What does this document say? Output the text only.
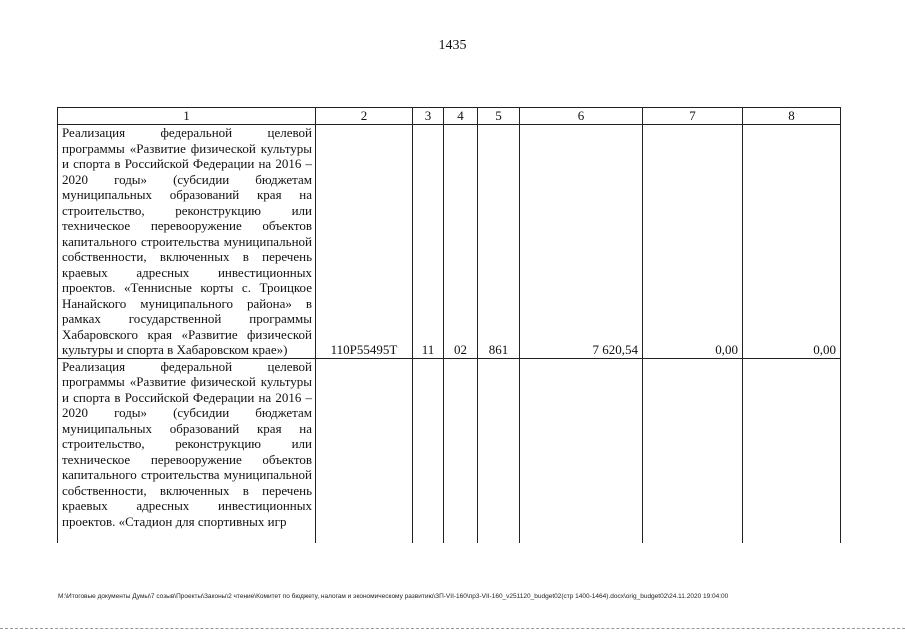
1435
1	2	3	4	5	6	7	8
Реализация федеральной целевой программы «Развитие физической культуры и спорта в Российской Федерации на 2016 – 2020 годы» (субсидии бюджетам муниципальных образований края на строительство, реконструкцию или техническое перевооружение объектов капитального строительства муниципальной собственности, включенных в перечень краевых адресных инвестиционных проектов. «Теннисные корты с. Троицкое Нанайского муниципального района» в рамках государственной программы Хабаровского края «Развитие физической культуры и спорта в Хабаровском крае»)	110P55495T	11	02	861	7 620,54	0,00	0,00
Реализация федеральной целевой программы «Развитие физической культуры и спорта в Российской Федерации на 2016 – 2020 годы» (субсидии бюджетам муниципальных образований края на строительство, реконструкцию или техническое перевооружение объектов капитального строительства муниципальной собственности, включенных в перечень краевых адресных инвестиционных проектов. «Стадион для спортивных игр							
M:\Итоговые документы Думы\7 созыв\Проекты\Законы\2 чтение\Комитет по бюджету, налогам и экономическому развитию\ЗП-VII-160\пр3-VII-160_v251120_budget02(стр 1400-1464).docx\orig_budget02\24.11.2020 19:04:00
